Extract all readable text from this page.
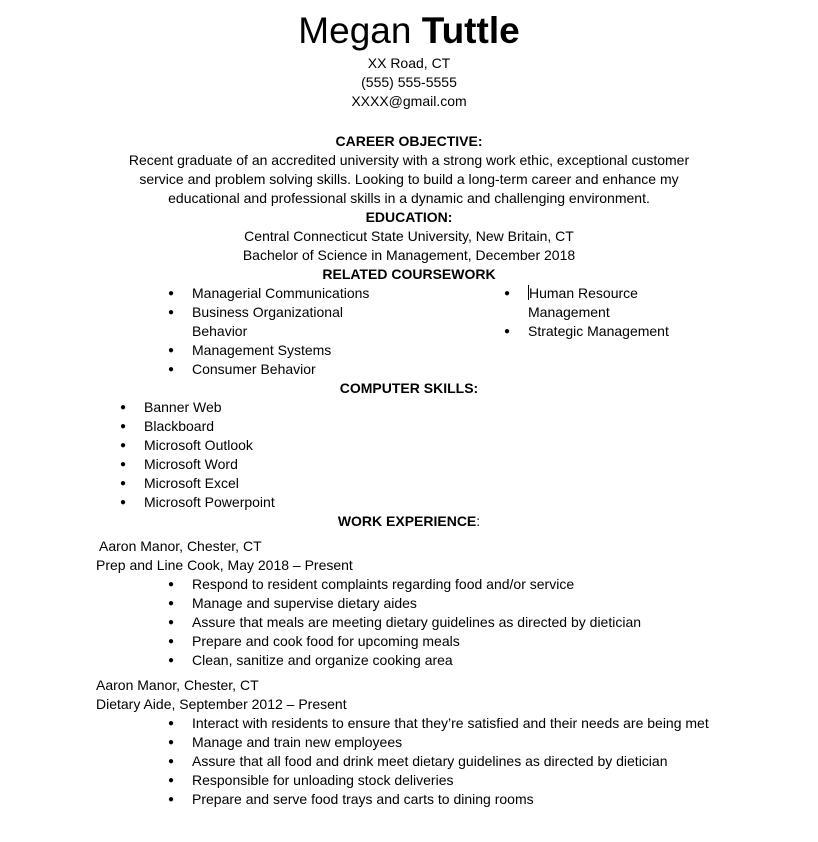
Megan Tuttle
XX Road, CT
(555) 555-5555
XXXX@gmail.com
CAREER OBJECTIVE:
Recent graduate of an accredited university with a strong work ethic, exceptional customer
service and problem solving skills. Looking to build a long-term career and enhance my
educational and professional skills in a dynamic and challenging environment.
EDUCATION:
Central Connecticut State University, New Britain, CT
Bachelor of Science in Management, December 2018
RELATED COURSEWORK
● Managerial Communications
● Business Organizational Behavior
● Management Systems
● Consumer Behavior
● Human Resource Management
● Strategic Management
COMPUTER SKILLS:
● Banner Web
● Blackboard
● Microsoft Outlook
● Microsoft Word
● Microsoft Excel
● Microsoft Powerpoint
WORK EXPERIENCE:
Aaron Manor, Chester, CT
Prep and Line Cook, May 2018 – Present
● Respond to resident complaints regarding food and/or service
● Manage and supervise dietary aides
● Assure that meals are meeting dietary guidelines as directed by dietician
● Prepare and cook food for upcoming meals
● Clean, sanitize and organize cooking area
Aaron Manor, Chester, CT
Dietary Aide, September 2012 – Present
● Interact with residents to ensure that they’re satisfied and their needs are being met
● Manage and train new employees
● Assure that all food and drink meet dietary guidelines as directed by dietician
● Responsible for unloading stock deliveries
● Prepare and serve food trays and carts to dining rooms
